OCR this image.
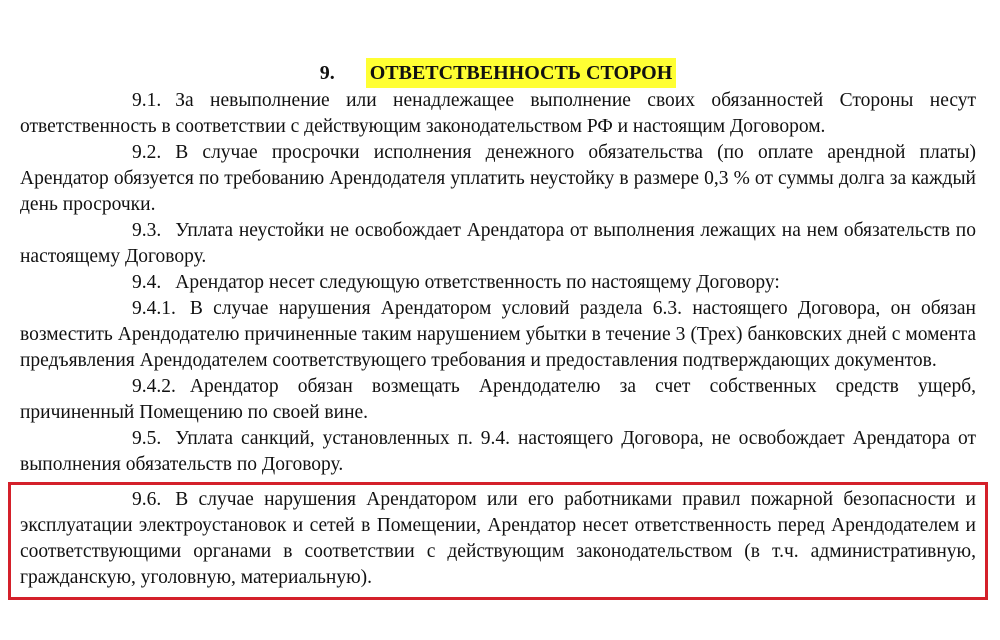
9. ОТВЕТСТВЕННОСТЬ СТОРОН

9.1. За невыполнение или ненадлежащее выполнение своих обязанностей Стороны несут ответственность в соответствии с действующим законодательством РФ и настоящим Договором.

9.2. В случае просрочки исполнения денежного обязательства (по оплате арендной платы) Арендатор обязуется по требованию Арендодателя уплатить неустойку в размере 0,3 % от суммы долга за каждый день просрочки.

9.3. Уплата неустойки не освобождает Арендатора от выполнения лежащих на нем обязательств по настоящему Договору.

9.4. Арендатор несет следующую ответственность по настоящему Договору:

9.4.1. В случае нарушения Арендатором условий раздела 6.3. настоящего Договора, он обязан возместить Арендодателю причиненные таким нарушением убытки в течение 3 (Трех) банковских дней с момента предъявления Арендодателем соответствующего требования и предоставления подтверждающих документов.

9.4.2. Арендатор обязан возмещать Арендодателю за счет собственных средств ущерб, причиненный Помещению по своей вине.

9.5. Уплата санкций, установленных п. 9.4. настоящего Договора, не освобождает Арендатора от выполнения обязательств по Договору.

9.6. В случае нарушения Арендатором или его работниками правил пожарной безопасности и эксплуатации электроустановок и сетей в Помещении, Арендатор несет ответственность перед Арендодателем и соответствующими органами в соответствии с действующим законодательством (в т.ч. административную, гражданскую, уголовную, материальную).
